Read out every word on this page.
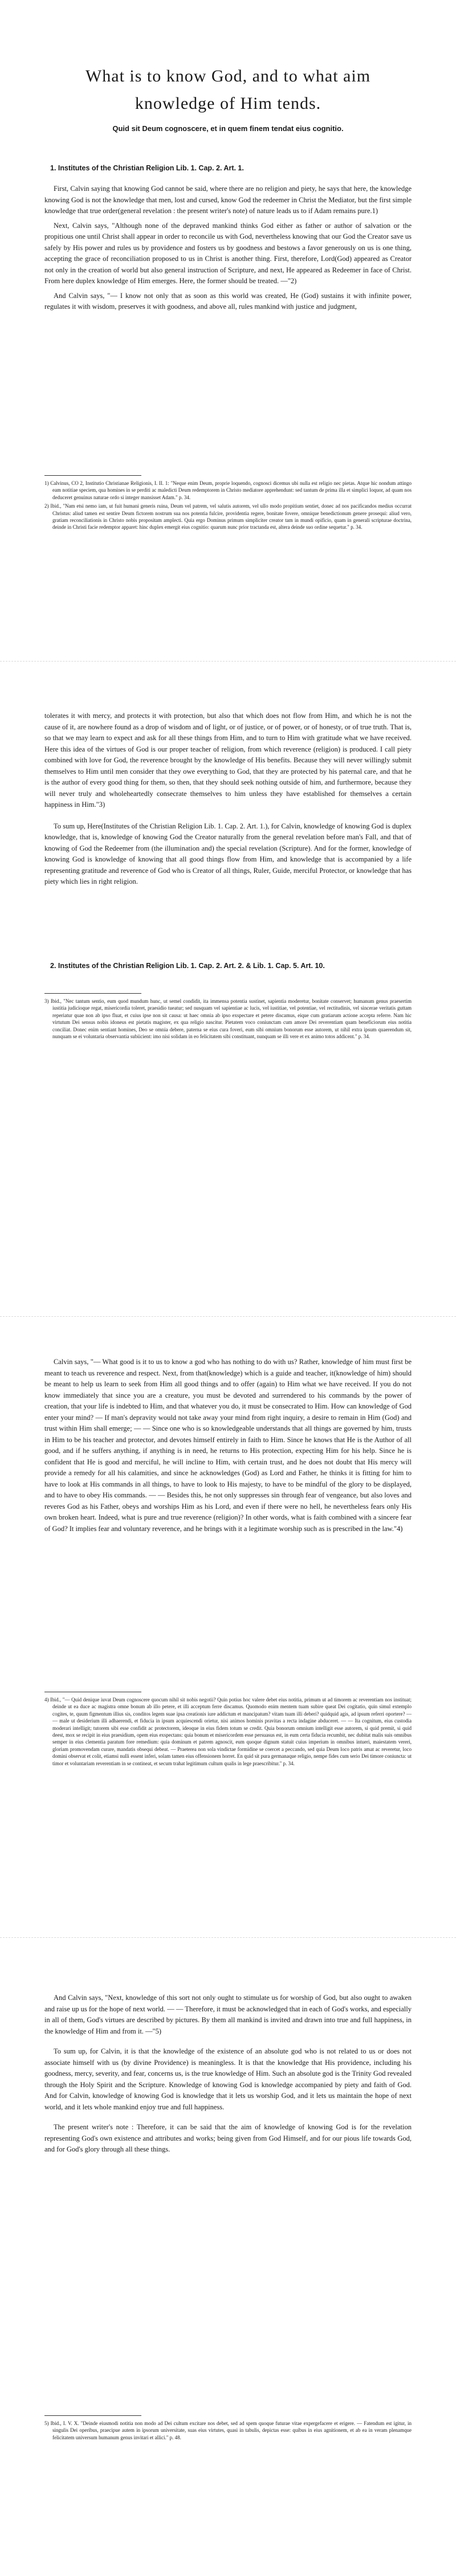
What is to know God, and to what aim knowledge of Him tends.
Quid sit Deum cognoscere, et in quem finem tendat eius cognitio.
1. Institutes of the Christian Religion Lib. 1. Cap. 2. Art. 1.

First, Calvin saying that knowing God cannot be said, where there are no religion and piety, he says that here, the knowledge knowing God is not the knowledge that men, lost and cursed, know God the redeemer in Christ the Mediator, but the first simple knowledge that true order(general revelation : the present writer's note) of nature leads us to if Adam remains pure.1)

Next, Calvin says, "Although none of the depraved mankind thinks God either as father or author of salvation or the propitious one until Christ shall appear in order to reconcile us with God, nevertheless knowing that our God the Creator save us safely by His power and rules us by providence and fosters us by goodness and bestows a favor generously on us is one thing, accepting the grace of reconciliation proposed to us in Christ is another thing. First, therefore, Lord(God) appeared as Creator not only in the creation of world but also general instruction of Scripture, and next, He appeared as Redeemer in face of Christ. From here duplex knowledge of Him emerges. Here, the former should be treated. —"2)

And Calvin says, "— I know not only that as soon as this world was created, He (God) sustains it with infinite power, regulates it with wisdom, preserves it with goodness, and above all, rules mankind with justice and judgment,

1) Calvinus, CO 2, Institutio Christianae Religionis, I. II. 1: "Neque enim Deum, proprie loquendo, cognosci dicemus ubi nulla est religio nec pietas. Atque hic nondum attingo eam notitiae speciem, qua homines in se perditi ac maledicti Deum redemptorem in Christo mediatore apprehendunt: sed tantum de prima illa et simplici loquor, ad quam nos deduceret genuinus naturae ordo si integer mansisset Adam." p. 34.

2) Ibid., "Nam etsi nemo iam, ut fuit humani generis ruina, Deum vel patrem, vel salutis autorem, vel ullo modo propitium sentiet, donec ad nos pacificandos medius occurrat Christus: aliud tamen est sentire Deum fictorem nostrum sua nos potentia fulcire, providentia regere, bonitate fovere, omnique benedictionum genere prosequi: aliud vero, gratiam reconciliationis in Christo nobis propositam amplecti. Quia ergo Dominus primum simpliciter creator tam in mundi opificio, quam in generali scripturae doctrina, deinde in Christi facie redemptor apparet: hinc duplex emergit eius cognitio: quarum nunc prior tractanda est, altera deinde suo ordine sequetur." p. 34.

tolerates it with mercy, and protects it with protection, but also that which does not flow from Him, and which he is not the cause of it, are nowhere found as a drop of wisdom and of light, or of justice, or of power, or of honesty, or of true truth. That is, so that we may learn to expect and ask for all these things from Him, and to turn to Him with gratitude what we have received. Here this idea of the virtues of God is our proper teacher of religion, from which reverence (religion) is produced. I call piety combined with love for God, the reverence brought by the knowledge of His benefits. Because they will never willingly submit themselves to Him until men consider that they owe everything to God, that they are protected by his paternal care, and that he is the author of every good thing for them, so then, that they should seek nothing outside of him, and furthermore, because they will never truly and wholeheartedly consecrate themselves to him unless they have established for themselves a certain happiness in Him."3)

To sum up, Here(Institutes of the Christian Religion Lib. 1. Cap. 2. Art. 1.), for Calvin, knowledge of knowing God is duplex knowledge, that is, knowledge of knowing God the Creator naturally from the general revelation before man's Fall, and that of knowing of God the Redeemer from (the illumination and) the special revelation (Scripture). And for the former, knowledge of knowing God is knowledge of knowing that all good things flow from Him, and knowledge that is accompanied by a life representing gratitude and reverence of God who is Creator of all things, Ruler, Guide, merciful Protector, or knowledge that has piety which lies in right religion.

2. Institutes of the Christian Religion Lib. 1. Cap. 2. Art. 2. & Lib. 1. Cap. 5. Art. 10.

3) Ibid., "Nec tantum sentio, eum quod mundum hunc, ut semel condidit, ita immensa potentia sustinet, sapientia moderetur, bonitate conservet; humanum genus praesertim iustitia judicioque regat, misericordia toleret, praesidio tueatur; sed nusquam vel sapientiae ac lucis, vel iustitiae, vel potentiae, vel rectitudinis, vel sincerae veritatis guttam reperiatur quae non ab ipso fluat, et cuius ipse non sit causa: ut haec omnia ab ipso exspectare et petere discamus, eique cum gratiarum actione accepta referre. Nam hic virtutum Dei sensus nobis idoneus est pietatis magister, ex qua religio nascitur. Pietatem voco coniunctam cum amore Dei reverentiam quam beneficiorum eius notitia conciliat. Donec enim sentiant homines, Deo se omnia debere, paterna se eius cura foveri, eum sibi omnium bonorum esse autorem, ut nihil extra ipsum quaerendum sit, nunquam se ei voluntaria observantia subiicient: imo nisi solidam in eo felicitatem sibi constituant, nunquam se illi vere et ex animo totos addicent." p. 34.

Calvin says, "— What good is it to us to know a god who has nothing to do with us? Rather, knowledge of him must first be meant to teach us reverence and respect. Next, from that(knowledge) which is a guide and teacher, it(knowledge of him) should be meant to help us learn to seek from Him all good things and to offer (again) to Him what we have received. If you do not know immediately that since you are a creature, you must be devoted and surrendered to his commands by the power of creation, that your life is indebted to Him, and that whatever you do, it must be consecrated to Him. How can knowledge of God enter your mind? — If man's depravity would not take away your mind from right inquiry, a desire to remain in Him (God) and trust within Him shall emerge; — — Since one who is so knowledgeable understands that all things are governed by him, trusts in Him to be his teacher and protector, and devotes himself entirely in faith to Him. Since he knows that He is the Author of all good, and if he suffers anything, if anything is in need, he returns to His protection, expecting Him for his help. Since he is confident that He is good and merciful, he will incline to Him, with certain trust, and he does not doubt that His mercy will provide a remedy for all his calamities, and since he acknowledges (God) as Lord and Father, he thinks it is fitting for him to have to look at His commands in all things, to have to look to His majesty, to have to be mindful of the glory to be displayed, and to have to obey His commands. — — Besides this, he not only suppresses sin through fear of vengeance, but also loves and reveres God as his Father, obeys and worships Him as his Lord, and even if there were no hell, he nevertheless fears only His own broken heart. Indeed, what is pure and true reverence (religion)? In other words, what is faith combined with a sincere fear of God? It implies fear and voluntary reverence, and he brings with it a legitimate worship such as is prescribed in the law."4)

4) Ibid., "— Quid denique iuvat Deum cognoscere quocum nihil sit nobis negotii? Quin potius hoc valere debet eius notitia, primum ut ad timorem ac reverentiam nos instituat; deinde ut ea duce ac magistra omne bonum ab illo petere, et illi acceptum ferre discamus. Quomodo enim mentem tuam subire queat Dei cogitatio, quin simul extemplo cogites, te, quum figmentum illius sis, conditos legem suae ipsa creationis iure addictum et mancipatum? vitam tuam illi deberi? quidquid agis, ad ipsum referri oportere? — — male ut desiderium illi adhaerendi, et fiducia in ipsum acquiescendi orietur, nisi animos hominis pravitas a recta indagine abduceret. — — Ita cognitum, eius custodia moderari intelligit; tutorem sibi esse confidit ac protectorem, ideoque in eius fidem totum se credit. Quia bonorum omnium intelligit esse autorem, si quid premit, si quid deest, mox se recipit in eius praesidium, opem eius exspectans: quia bonum et misericordem esse persuasus est, in eum certa fiducia recumbit, nec dubitat malis suis omnibus semper in eius clementia paratum fore remedium: quia dominum et patrem agnoscit, eum quoque dignum statuit cuius imperium in omnibus intueri, maiestatem vereri, gloriam promovendam curare, mandatis obsequi debeat. — Praeterea non sola vindictae formidine se coercet a peccando, sed quia Deum loco patris amat ac reveretur, loco domini observat et colit, etiamsi nulli essent inferi, solam tamen eius offensionem horret. En quid sit pura germanaque religio, nempe fides cum serio Dei timore coniuncta: ut timor et voluntariam reverentiam in se contineat, et secum trahat legitimum cultum qualis in lege praescribitur." p. 34.

And Calvin says, "Next, knowledge of this sort not only ought to stimulate us for worship of God, but also ought to awaken and raise up us for the hope of next world. — — Therefore, it must be acknowledged that in each of God's works, and especially in all of them, God's virtues are described by pictures. By them all mankind is invited and drawn into true and full happiness, in the knowledge of Him and from it. —"5)

To sum up, for Calvin, it is that the knowledge of the existence of an absolute god who is not related to us or does not associate himself with us (by divine Providence) is meaningless. It is that the knowledge that His providence, including his goodness, mercy, severity, and fear, concerns us, is the true knowledge of Him. Such an absolute god is the Trinity God revealed through the Holy Spirit and the Scripture. Knowledge of knowing God is knowledge accompanied by piety and faith of God. And for Calvin, knowledge of knowing God is knowledge that it lets us worship God, and it lets us maintain the hope of next world, and it lets whole mankind enjoy true and full happiness.

The present writer's note : Therefore, it can be said that the aim of knowledge of knowing God is for the revelation representing God's own existence and attributes and works; being given from God Himself, and for our pious life towards God, and for God's glory through all these things.

5) Ibid., I. V. X. "Deinde eiusmodi notitia non modo ad Dei cultum excitare nos debet, sed ad spem quoque futurae vitae expergefacere et erigere. — Fatendum est igitur, in singulis Dei operibus, praecipue autem in ipsorum universitate, suas eius virtutes, quasi in tabulis, depictas esse: quibus in eius agnitionem, et ab ea in veram plenamque felicitatem universum humanum genus invitari et allici." p. 48.
